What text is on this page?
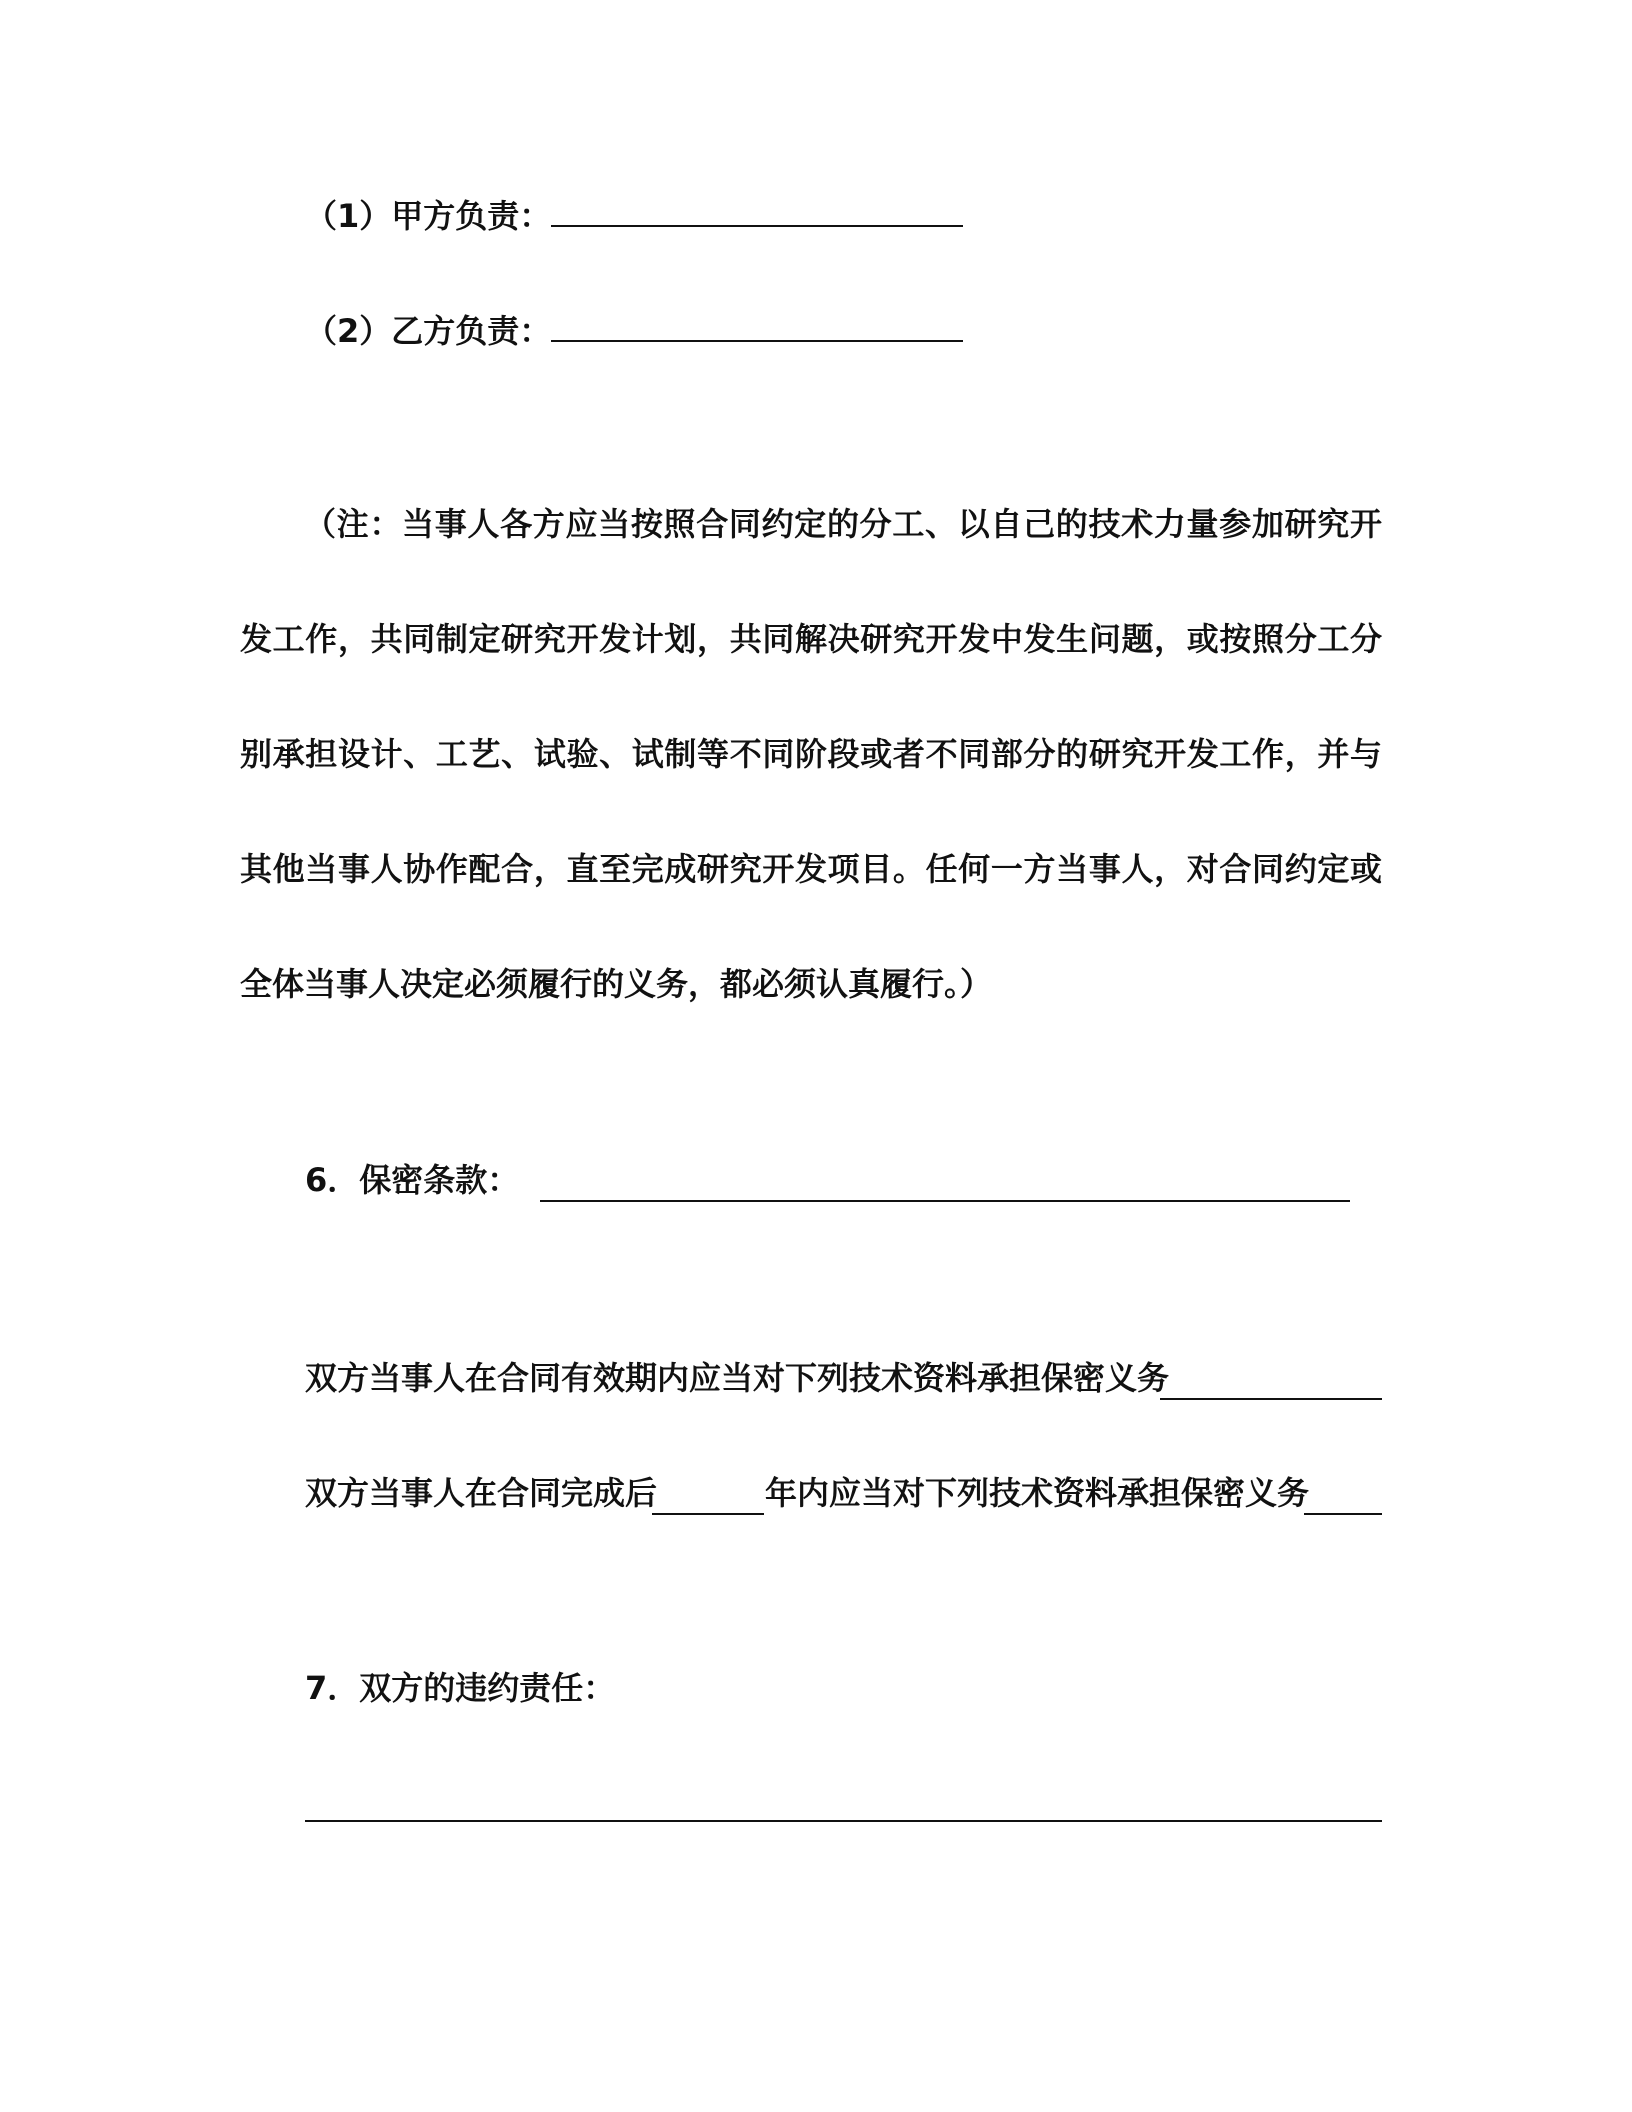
（1）甲方负责：
（2）乙方负责：
（注：当事人各方应当按照合同约定的分工、以自己的技术力量参加研究开发工作，共同制定研究开发计划，共同解决研究开发中发生问题，或按照分工分别承担设计、工艺、试验、试制等不同阶段或者不同部分的研究开发工作，并与其他当事人协作配合，直至完成研究开发项目。任何一方当事人，对合同约定或全体当事人决定必须履行的义务，都必须认真履行。）
6．保密条款：
双方当事人在合同有效期内应当对下列技术资料承担保密义务
双方当事人在合同完成后	年内应当对下列技术资料承担保密义务
7．双方的违约责任：
